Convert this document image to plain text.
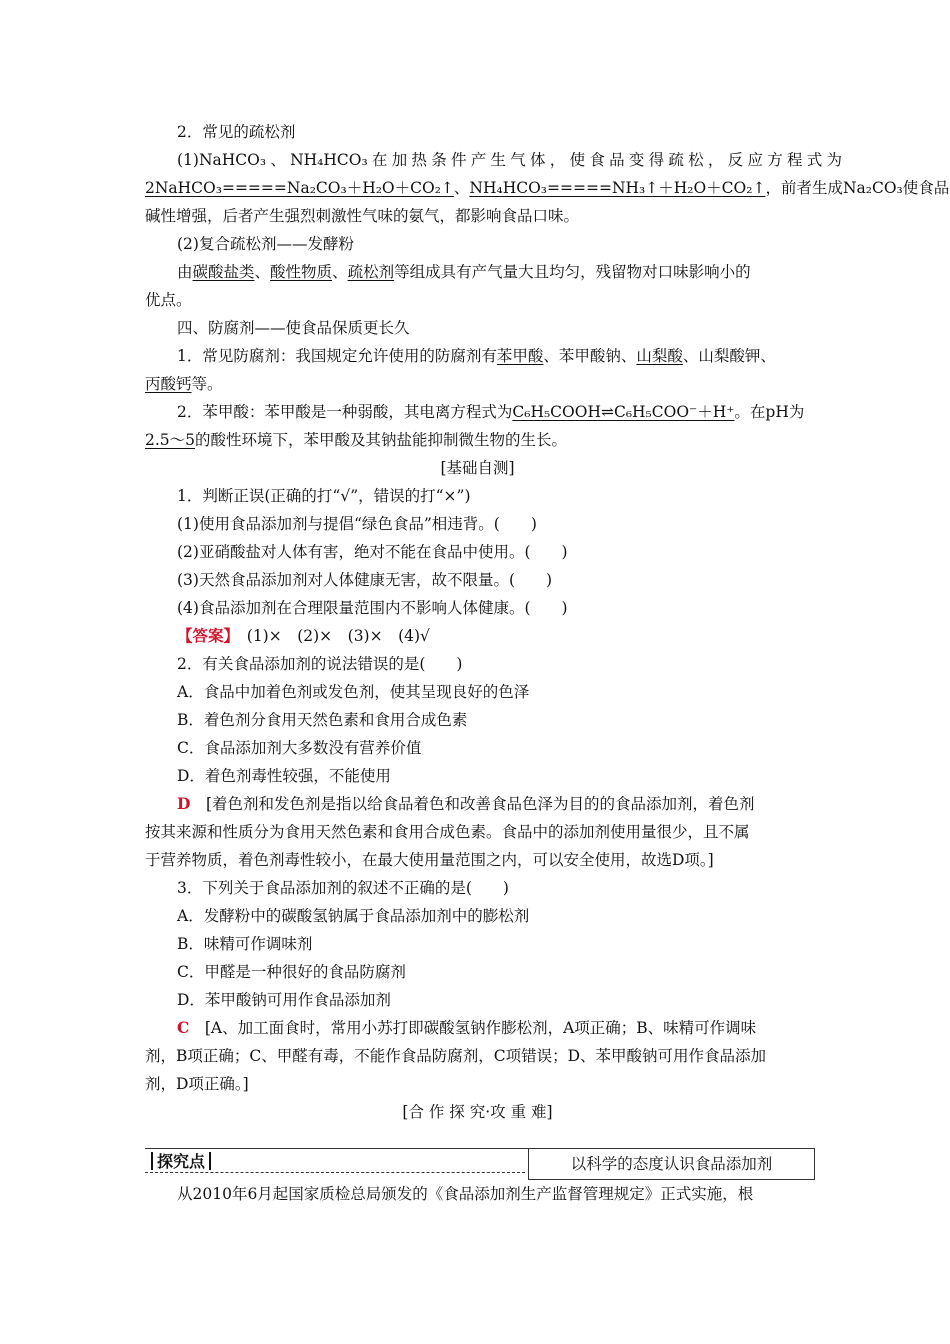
2．常见的疏松剂
(1)NaHCO₃、NH₄HCO₃在加热条件产生气体，使食品变得疏松，反应方程式为
2NaHCO₃=====Na₂CO₃＋H₂O＋CO₂↑、NH₄HCO₃=====NH₃↑＋H₂O＋CO₂↑，前者生成Na₂CO₃使食品
碱性增强，后者产生强烈刺激性气味的氨气，都影响食品口味。
(2)复合疏松剂——发酵粉
由碳酸盐类、酸性物质、疏松剂等组成具有产气量大且均匀，残留物对口味影响小的
优点。
四、防腐剂——使食品保质更长久
1．常见防腐剂：我国规定允许使用的防腐剂有苯甲酸、苯甲酸钠、山梨酸、山梨酸钾、
丙酸钙等。
2．苯甲酸：苯甲酸是一种弱酸，其电离方程式为C₆H₅COOH⇌C₆H₅COO⁻＋H⁺。在pH为
2.5～5的酸性环境下，苯甲酸及其钠盐能抑制微生物的生长。
[基础自测]
1．判断正误(正确的打“√”，错误的打“×”)
(1)使用食品添加剂与提倡“绿色食品”相违背。(　　)
(2)亚硝酸盐对人体有害，绝对不能在食品中使用。(　　)
(3)天然食品添加剂对人体健康无害，故不限量。(　　)
(4)食品添加剂在合理限量范围内不影响人体健康。(　　)
【答案】　(1)×　(2)×　(3)×　(4)√
2．有关食品添加剂的说法错误的是(　　)
A．食品中加着色剂或发色剂，使其呈现良好的色泽
B．着色剂分食用天然色素和食用合成色素
C．食品添加剂大多数没有营养价值
D．着色剂毒性较强，不能使用
D　[着色剂和发色剂是指以给食品着色和改善食品色泽为目的的食品添加剂，着色剂
按其来源和性质分为食用天然色素和食用合成色素。食品中的添加剂使用量很少，且不属
于营养物质，着色剂毒性较小，在最大使用量范围之内，可以安全使用，故选D项。]
3．下列关于食品添加剂的叙述不正确的是(　　)
A．发酵粉中的碳酸氢钠属于食品添加剂中的膨松剂
B．味精可作调味剂
C．甲醛是一种很好的食品防腐剂
D．苯甲酸钠可用作食品添加剂
C　[A、加工面食时，常用小苏打即碳酸氢钠作膨松剂，A项正确；B、味精可作调味
剂，B项正确；C、甲醛有毒，不能作食品防腐剂，C项错误；D、苯甲酸钠可用作食品添加
剂，D项正确。]
[合 作 探 究·攻 重 难]
探究点	以科学的态度认识食品添加剂
从2010年6月起国家质检总局颁发的《食品添加剂生产监督管理规定》正式实施，根
